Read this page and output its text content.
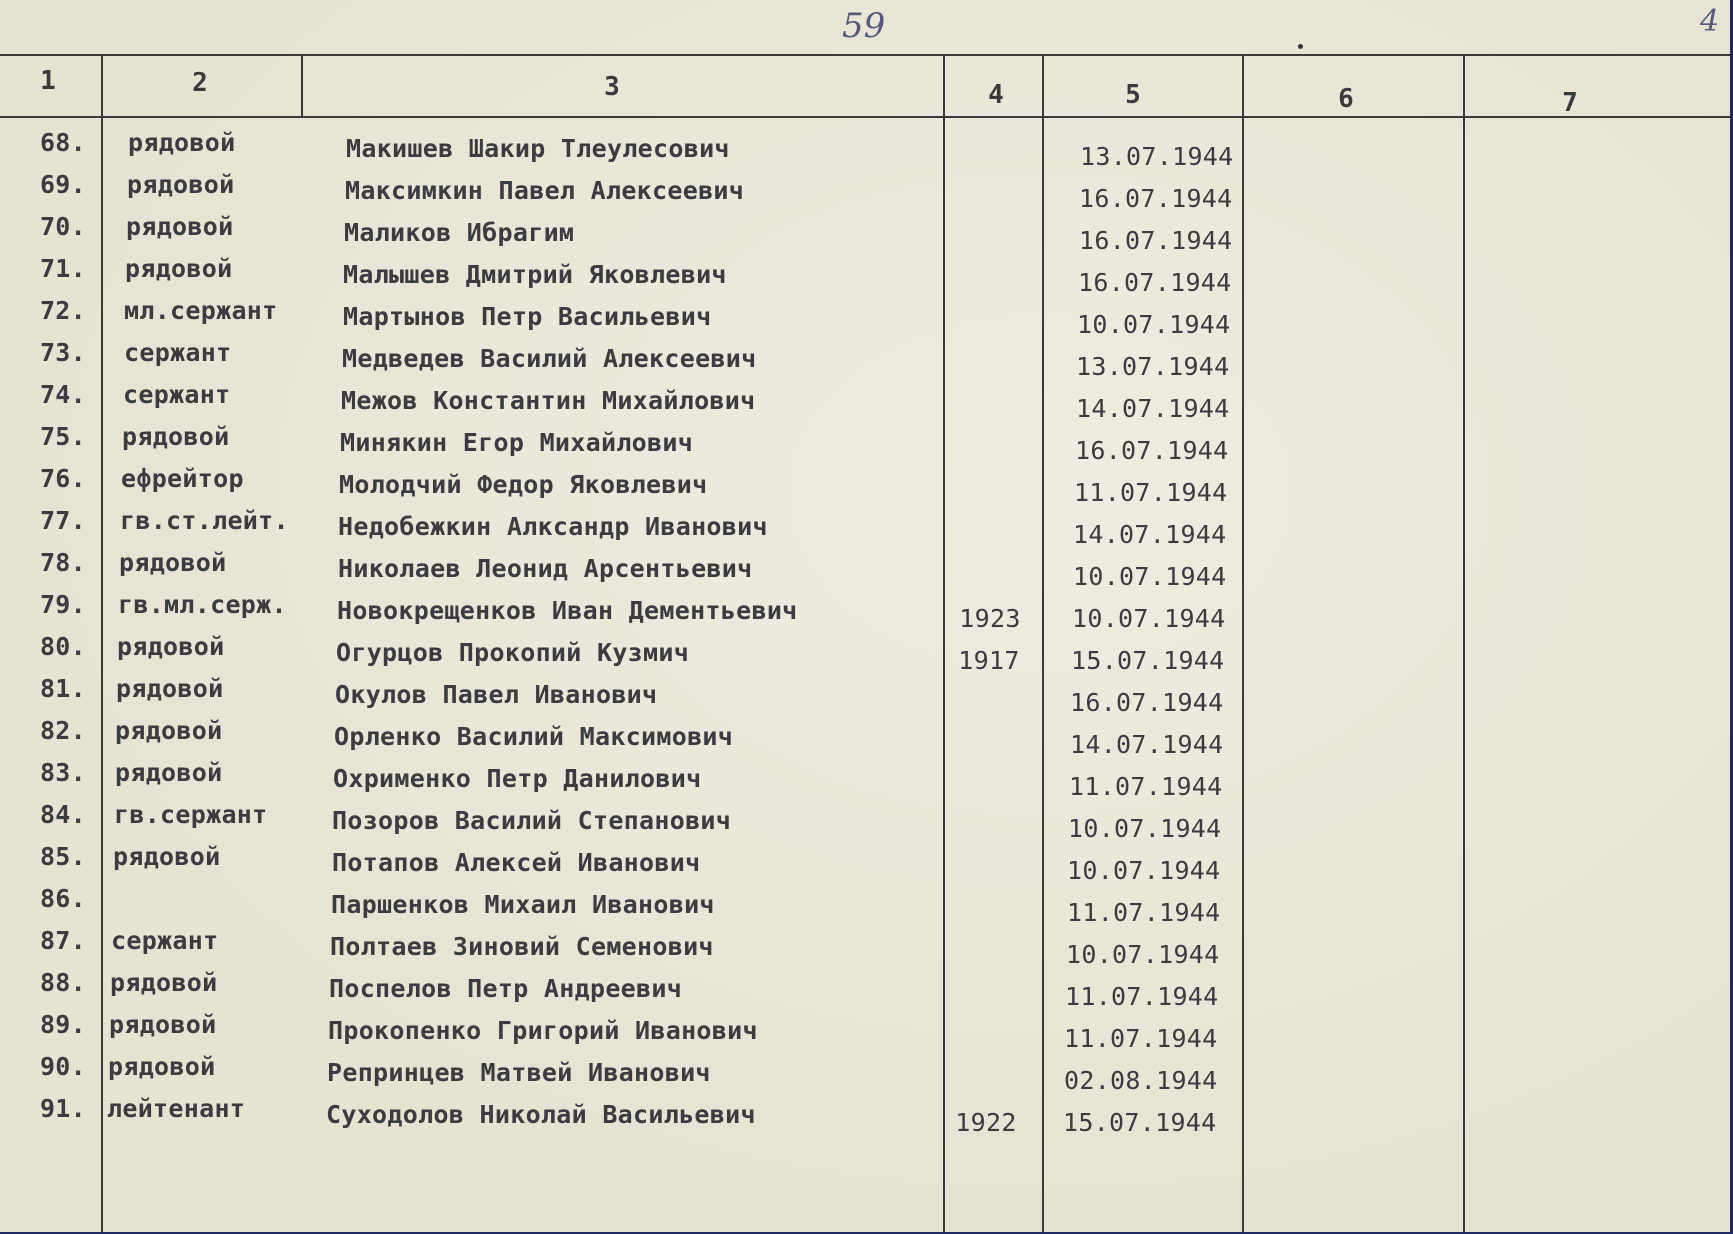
59	4
1	2	3	4	5	6	7
68. рядовой	Макишев Шакир Тлеулесович	13.07.1944
69. рядовой	Максимкин Павел Алексеевич	16.07.1944
70. рядовой	Маликов Ибрагим	16.07.1944
71. рядовой	Малышев Дмитрий Яковлевич	16.07.1944
72. мл.сержант	Мартынов Петр Васильевич	10.07.1944
73. сержант	Медведев Василий Алексеевич	13.07.1944
74. сержант	Межов Константин Михайлович	14.07.1944
75. рядовой	Минякин Егор Михайлович	16.07.1944
76. ефрейтор	Молодчий Федор Яковлевич	11.07.1944
77. гв.ст.лейт. Недобежкин Алксандр Иванович	14.07.1944
78. рядовой	Николаев Леонид Арсентьевич	10.07.1944
79. гв.мл.серж. Новокрещенков Иван Дементьевич	1923	10.07.1944
80. рядовой	Огурцов Прокопий Кузмич	1917	15.07.1944
81. рядовой	Окулов Павел Иванович	16.07.1944
82. рядовой	Орленко Василий Максимович	14.07.1944
83. рядовой	Охрименко Петр Данилович	11.07.1944
84. гв.сержант	Позоров Василий Степанович	10.07.1944
85. рядовой	Потапов Алексей Иванович	10.07.1944
86.	Паршенков Михаил Иванович	11.07.1944
87. сержант	Полтаев Зиновий Семенович	10.07.1944
88. рядовой	Поспелов Петр Андреевич	11.07.1944
89. рядовой	Прокопенко Григорий Иванович	11.07.1944
90. рядовой	Репринцев Матвей Иванович	02.08.1944
91. лейтенант	Суходолов Николай Васильевич	1922	15.07.1944
